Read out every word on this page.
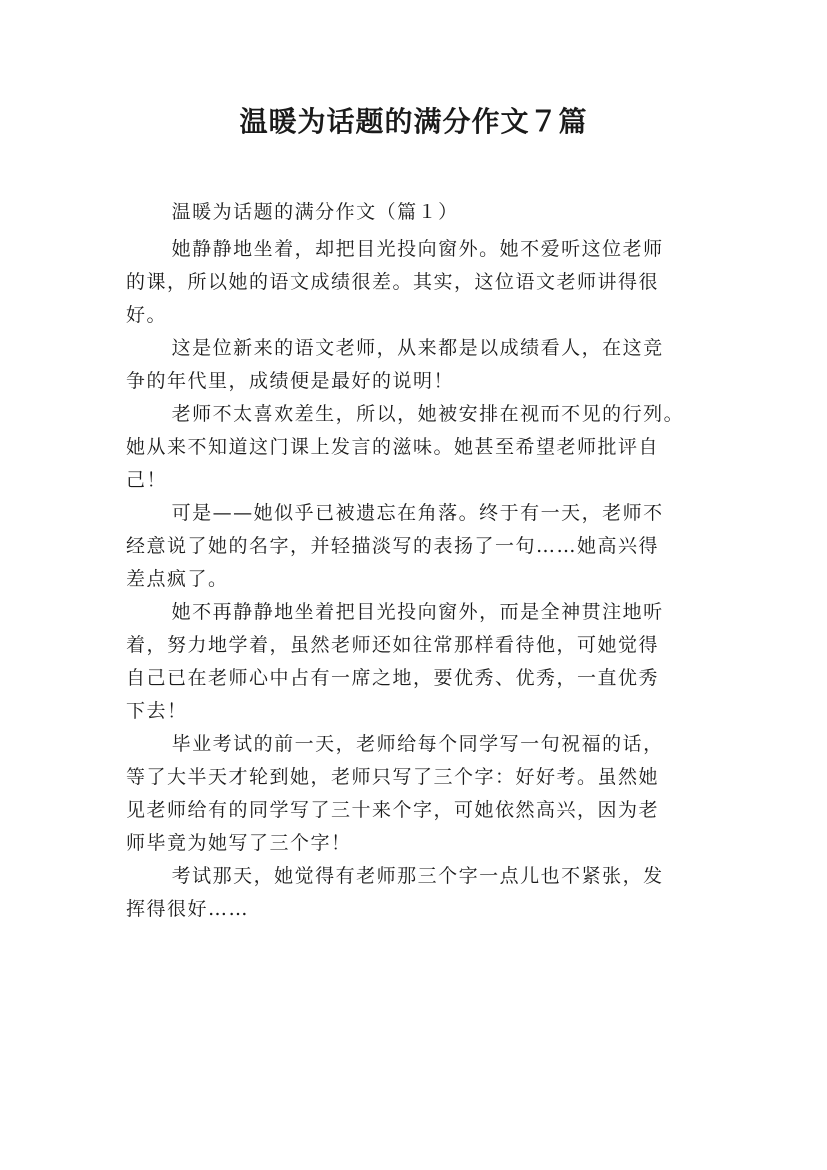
温暖为话题的满分作文７篇

温暖为话题的满分作文（篇１）

她静静地坐着，却把目光投向窗外。她不爱听这位老师
的课，所以她的语文成绩很差。其实，这位语文老师讲得很
好。

这是位新来的语文老师，从来都是以成绩看人，在这竞
争的年代里，成绩便是最好的说明！

老师不太喜欢差生，所以，她被安排在视而不见的行列。
她从来不知道这门课上发言的滋味。她甚至希望老师批评自
己！

可是——她似乎已被遗忘在角落。终于有一天，老师不
经意说了她的名字，并轻描淡写的表扬了一句……她高兴得
差点疯了。

她不再静静地坐着把目光投向窗外，而是全神贯注地听
着，努力地学着，虽然老师还如往常那样看待他，可她觉得
自己已在老师心中占有一席之地，要优秀、优秀，一直优秀
下去！

毕业考试的前一天，老师给每个同学写一句祝福的话，
等了大半天才轮到她，老师只写了三个字：好好考。虽然她
见老师给有的同学写了三十来个字，可她依然高兴，因为老
师毕竟为她写了三个字！

考试那天，她觉得有老师那三个字一点儿也不紧张，发
挥得很好……
